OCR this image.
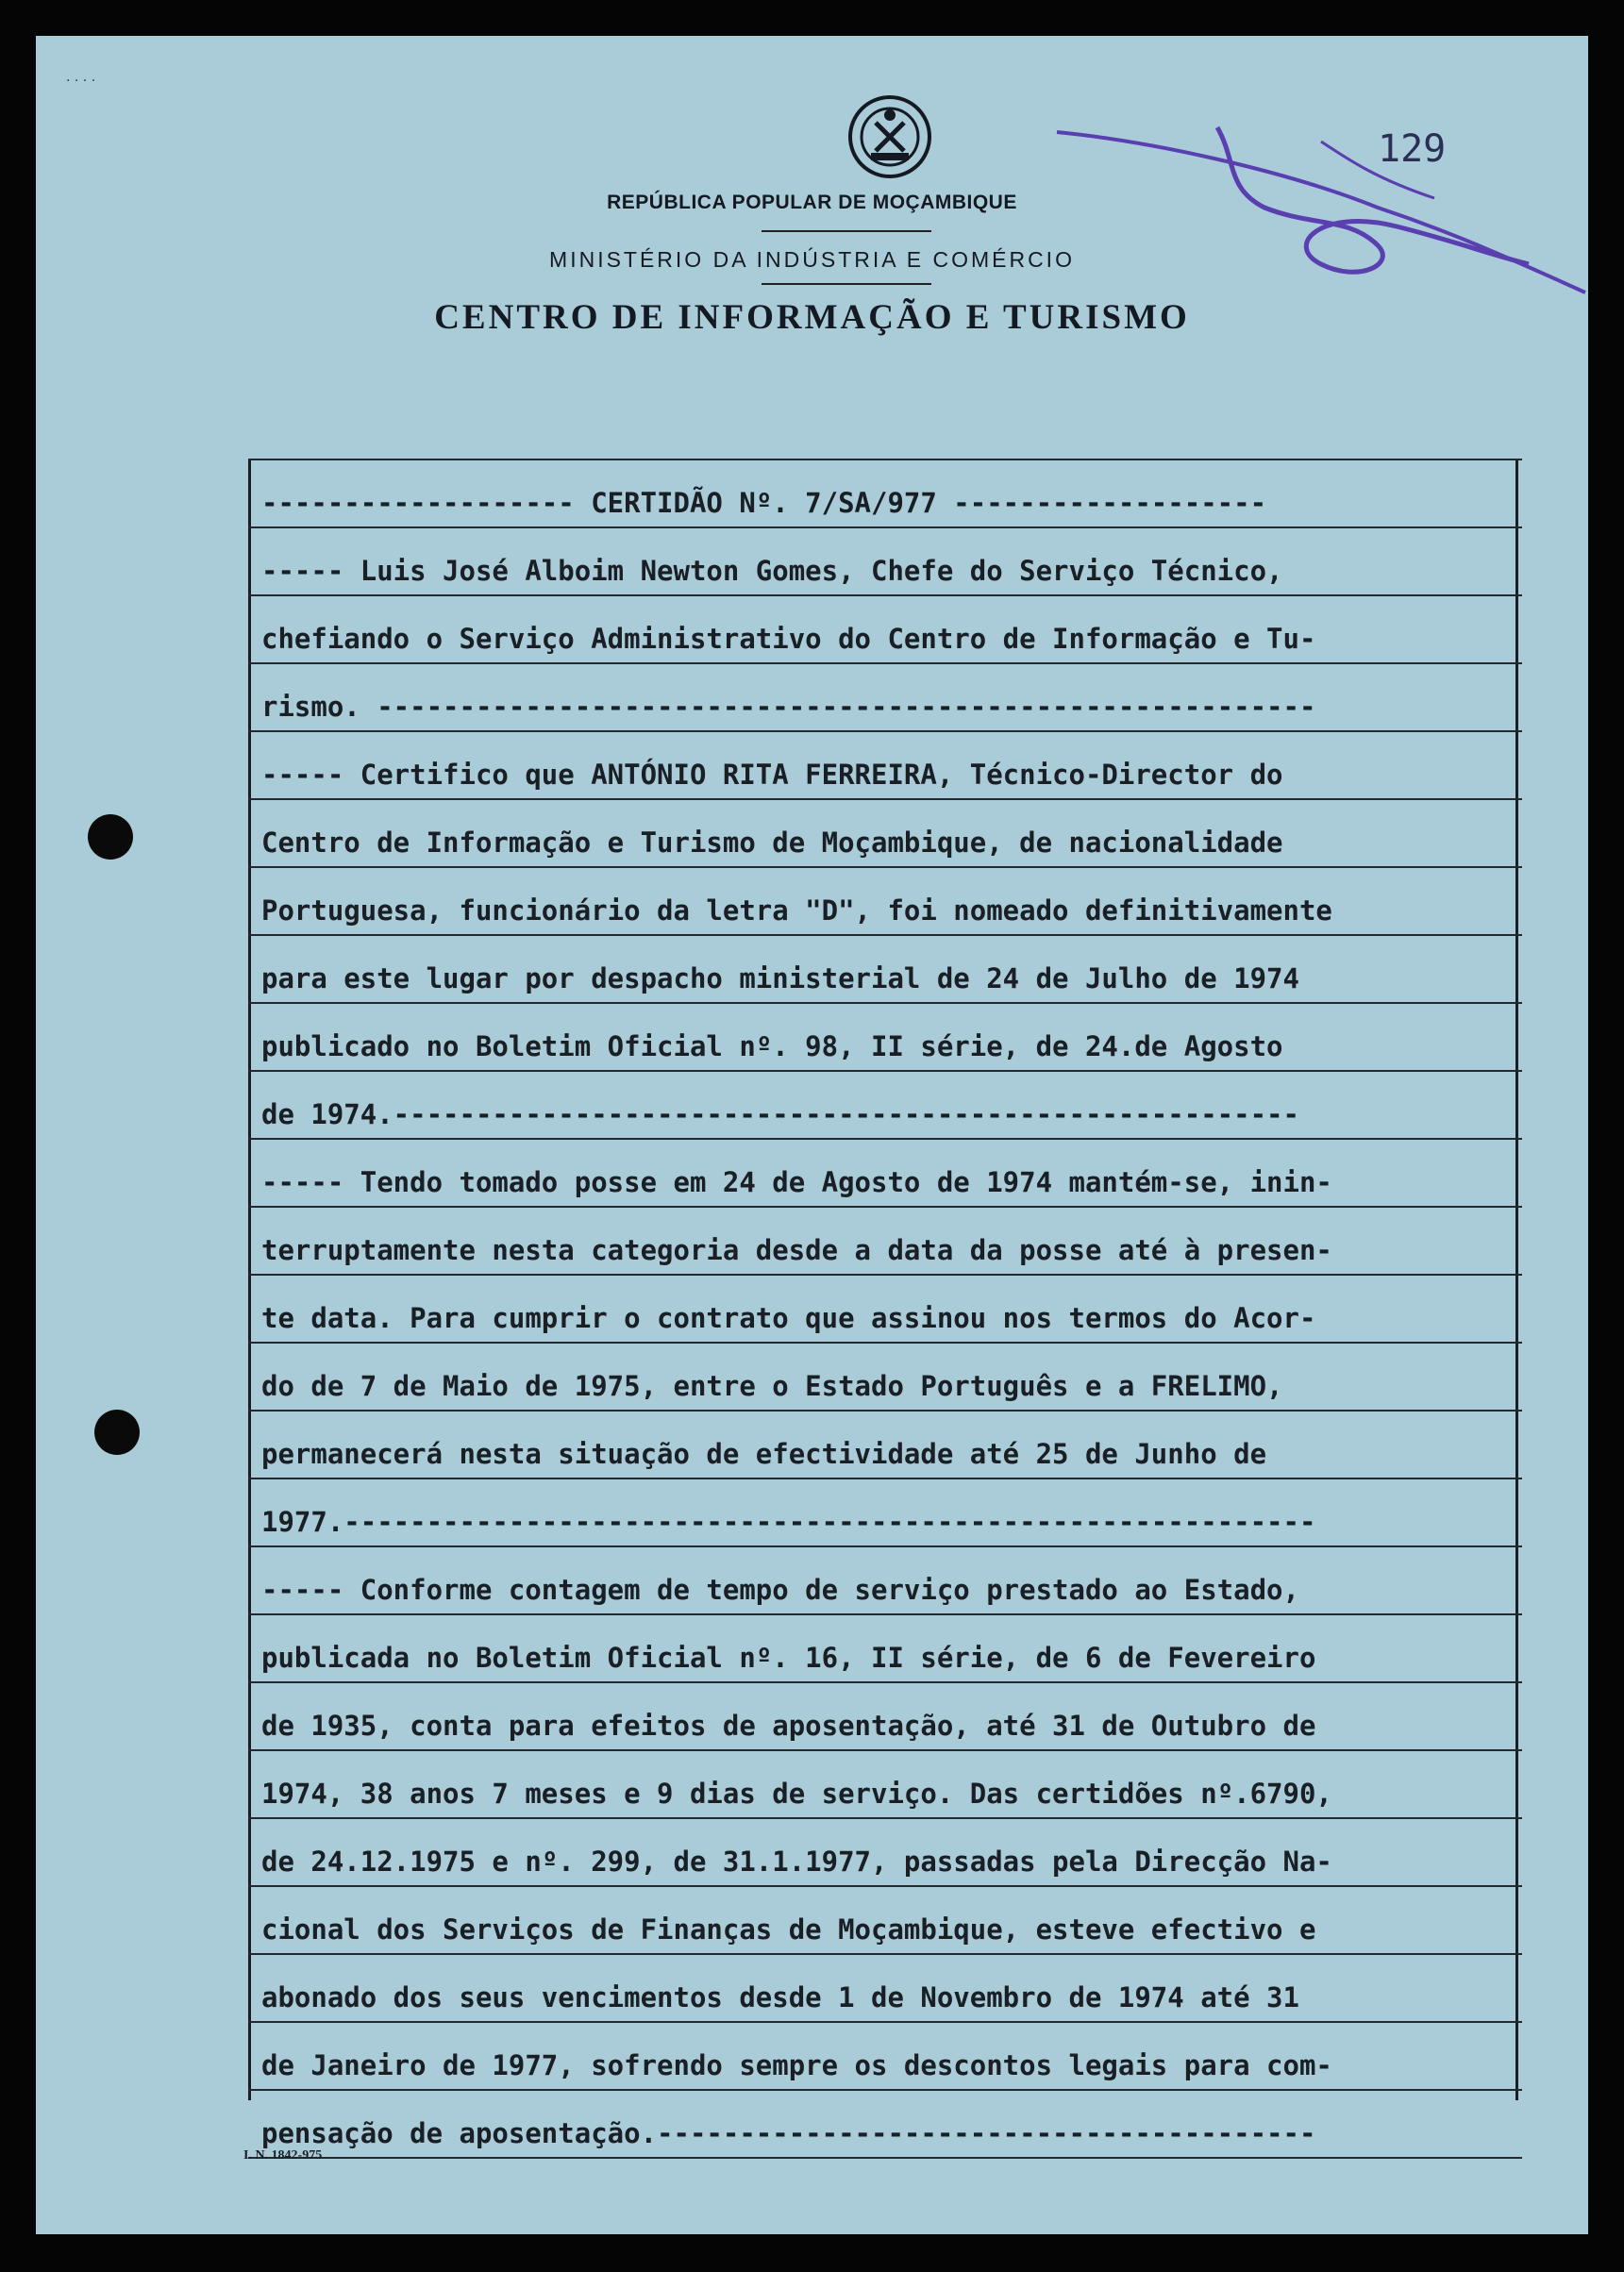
· · · ·
REPÚBLICA POPULAR DE MOÇAMBIQUE
MINISTÉRIO DA INDÚSTRIA E COMÉRCIO
CENTRO DE INFORMAÇÃO E TURISMO
129
------------------- CERTIDÃO Nº. 7/SA/977 -------------------
----- Luis José Alboim Newton Gomes, Chefe do Serviço Técnico,
chefiando o Serviço Administrativo do Centro de Informação e Tu-
rismo. ---------------------------------------------------------
----- Certifico que ANTÓNIO RITA FERREIRA, Técnico-Director do
Centro de Informação e Turismo de Moçambique, de nacionalidade
Portuguesa, funcionário da letra "D", foi nomeado definitivamente
para este lugar por despacho ministerial de 24 de Julho de 1974
publicado no Boletim Oficial nº. 98, II série, de 24.de Agosto
de 1974.-------------------------------------------------------
----- Tendo tomado posse em 24 de Agosto de 1974 mantém-se, inin-
terruptamente nesta categoria desde a data da posse até à presen-
te data. Para cumprir o contrato que assinou nos termos do Acor-
do de 7 de Maio de 1975, entre o Estado Português e a FRELIMO,
permanecerá nesta situação de efectividade até 25 de Junho de
1977.-----------------------------------------------------------
----- Conforme contagem de tempo de serviço prestado ao Estado,
publicada no Boletim Oficial nº. 16, II série, de 6 de Fevereiro
de 1935, conta para efeitos de aposentação, até 31 de Outubro de
1974, 38 anos 7 meses e 9 dias de serviço. Das certidões nº.6790,
de 24.12.1975 e nº. 299, de 31.1.1977, passadas pela Direcção Na-
cional dos Serviços de Finanças de Moçambique, esteve efectivo e
abonado dos seus vencimentos desde 1 de Novembro de 1974 até 31
de Janeiro de 1977, sofrendo sempre os descontos legais para com-
pensação de aposentação.----------------------------------------
I. N. 1842-975
